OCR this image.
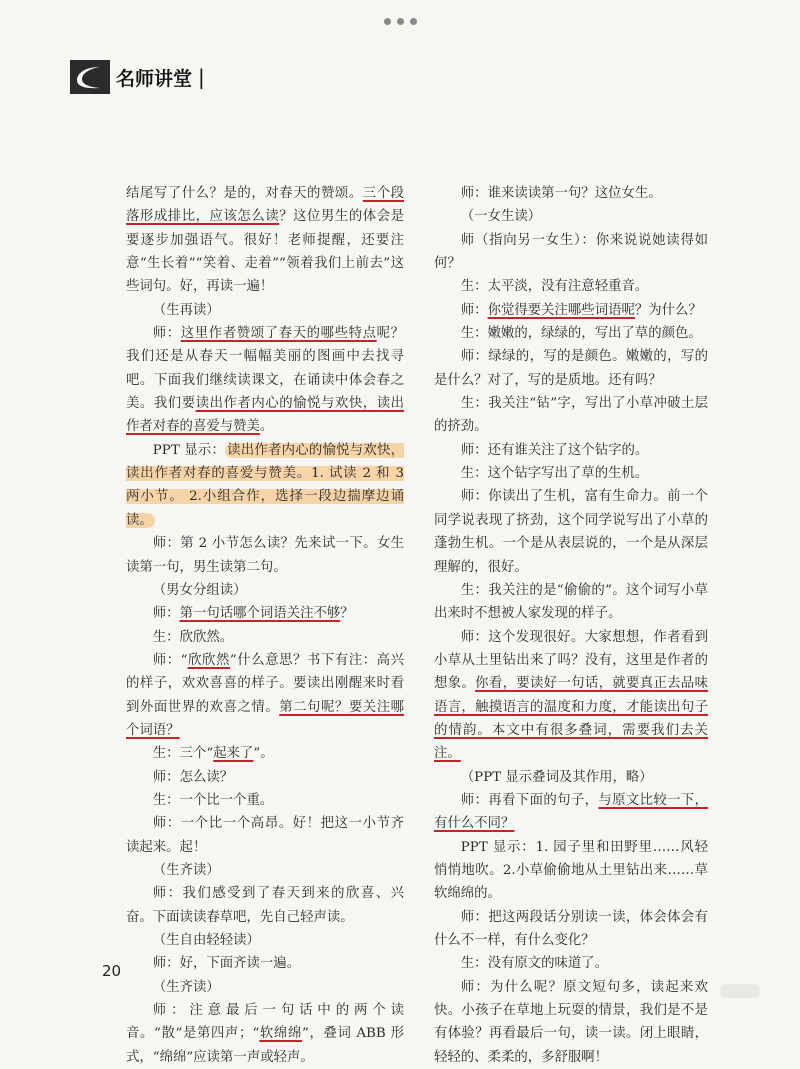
名师讲堂 |

结尾写了什么？是的，对春天的赞颂。三个段落形成排比，应该怎么读？这位男生的体会是要逐步加强语气。很好！老师提醒，还要注意“生长着”“笑着、走着”“领着我们上前去”这些词句。好，再读一遍！

（生再读）

师：这里作者赞颂了春天的哪些特点呢？我们还是从春天一幅幅美丽的图画中去找寻吧。下面我们继续读课文，在诵读中体会春之美。我们要读出作者内心的愉悦与欢快，读出作者对春的喜爱与赞美。

PPT 显示： 读出作者内心的愉悦与欢快，读出作者对春的喜爱与赞美。1. 试读 2 和 3 两小节。 2.小组合作，选择一段边揣摩边诵读。

师：第 2 小节怎么读？先来试一下。女生读第一句，男生读第二句。

（男女分组读）

师：第一句话哪个词语关注不够？

生：欣欣然。

师：“欣欣然”什么意思？书下有注：高兴的样子，欢欢喜喜的样子。要读出刚醒来时看到外面世界的欢喜之情。第二句呢？要关注哪个词语？

生：三个“起来了”。

师：怎么读？

生：一个比一个重。

师：一个比一个高昂。好！把这一小节齐读起来。起！

（生齐读）

师：我们感受到了春天到来的欣喜、兴奋。下面读读春草吧，先自己轻声读。

（生自由轻轻读）

师：好，下面齐读一遍。

（生齐读）

师：注意最后一句话中的两个读音。“散”是第四声；“软绵绵”，叠词 ABB 形式，“绵绵”应读第一声或轻声。

师：谁来读读第一句？这位女生。

（一女生读）

师（指向另一女生）：你来说说她读得如何？

生：太平淡，没有注意轻重音。

师：你觉得要关注哪些词语呢？为什么？

生：嫩嫩的，绿绿的，写出了草的颜色。

师：绿绿的，写的是颜色。嫩嫩的，写的是什么？对了，写的是质地。还有吗？

生：我关注“钻”字，写出了小草冲破土层的挤劲。

师：还有谁关注了这个钻字的。

生：这个钻字写出了草的生机。

师：你读出了生机，富有生命力。前一个同学说表现了挤劲，这个同学说写出了小草的蓬勃生机。一个是从表层说的，一个是从深层理解的，很好。

生：我关注的是“偷偷的”。这个词写小草出来时不想被人家发现的样子。

师：这个发现很好。大家想想，作者看到小草从土里钻出来了吗？没有，这里是作者的想象。你看，要读好一句话，就要真正去品味语言，触摸语言的温度和力度，才能读出句子的情韵。本文中有很多叠词，需要我们去关注。

（PPT 显示叠词及其作用，略）

师：再看下面的句子，与原文比较一下，有什么不同？

PPT 显示：1. 园子里和田野里……风轻悄悄地吹。2.小草偷偷地从土里钻出来……草软绵绵的。

师：把这两段话分别读一读，体会体会有什么不一样，有什么变化？

生：没有原文的味道了。

师：为什么呢？原文短句多，读起来欢快。小孩子在草地上玩耍的情景，我们是不是有体验？再看最后一句，读一读。闭上眼睛，轻轻的、柔柔的，多舒服啊！

20
